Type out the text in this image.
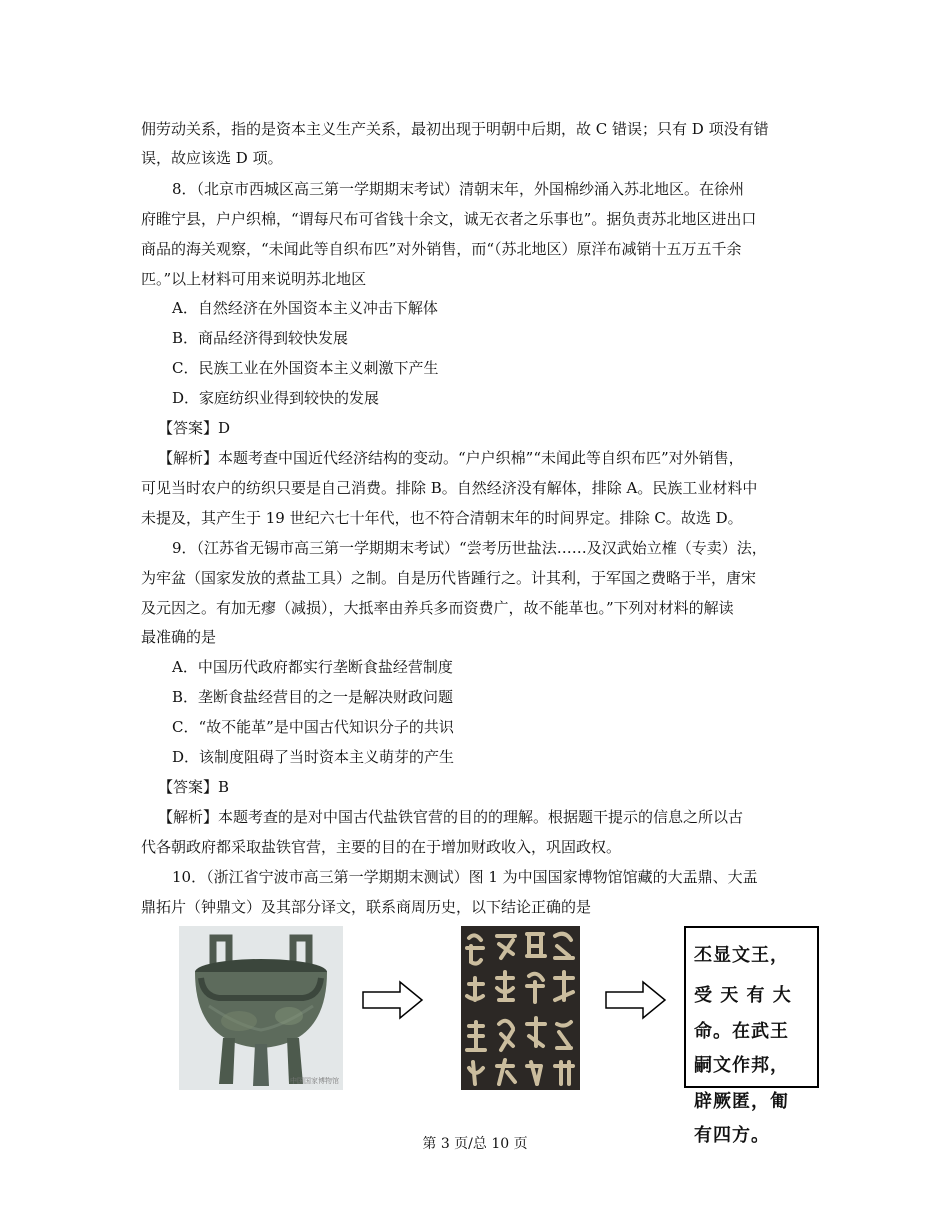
佣劳动关系，指的是资本主义生产关系，最初出现于明朝中后期，故 C 错误；只有 D 项没有错
误，故应该选 D 项。
8．（北京市西城区高三第一学期期末考试）清朝末年，外国棉纱涌入苏北地区。在徐州
府睢宁县，户户织棉，“谓每尺布可省钱十余文，诚无衣者之乐事也”。据负责苏北地区进出口
商品的海关观察，“未闻此等自织布匹”对外销售，而“（苏北地区）原洋布减销十五万五千余
匹。”以上材料可用来说明苏北地区
A．自然经济在外国资本主义冲击下解体
B．商品经济得到较快发展
C．民族工业在外国资本主义刺激下产生
D．家庭纺织业得到较快的发展
【答案】D
【解析】本题考查中国近代经济结构的变动。“户户织棉”“未闻此等自织布匹”对外销售，
可见当时农户的纺织只要是自己消费。排除 B。自然经济没有解体，排除 A。民族工业材料中
未提及，其产生于 19 世纪六七十年代，也不符合清朝末年的时间界定。排除 C。故选 D。
9．（江苏省无锡市高三第一学期期末考试）“尝考历世盐法……及汉武始立榷（专卖）法，
为牢盆（国家发放的煮盐工具）之制。自是历代皆踵行之。计其利，于军国之费略于半，唐宋
及元因之。有加无瘳（减损），大抵率由养兵多而资费广，故不能革也。”下列对材料的解读
最准确的是
A．中国历代政府都实行垄断食盐经营制度
B．垄断食盐经营目的之一是解决财政问题
C．“故不能革”是中国古代知识分子的共识
D．该制度阻碍了当时资本主义萌芽的产生
【答案】B
【解析】本题考查的是对中国古代盐铁官营的目的的理解。根据题干提示的信息之所以古
代各朝政府都采取盐铁官营，主要的目的在于增加财政收入，巩固政权。
10．（浙江省宁波市高三第一学期期末测试）图 1 为中国国家博物馆馆藏的大盂鼎、大盂
鼎拓片（钟鼎文）及其部分译文，联系商周历史，以下结论正确的是
中国国家博物馆
丕显文王，
受 天 有 大
命。在武王
嗣文作邦，
辟厥匿，匍
有四方。
第 3 页/总 10 页
